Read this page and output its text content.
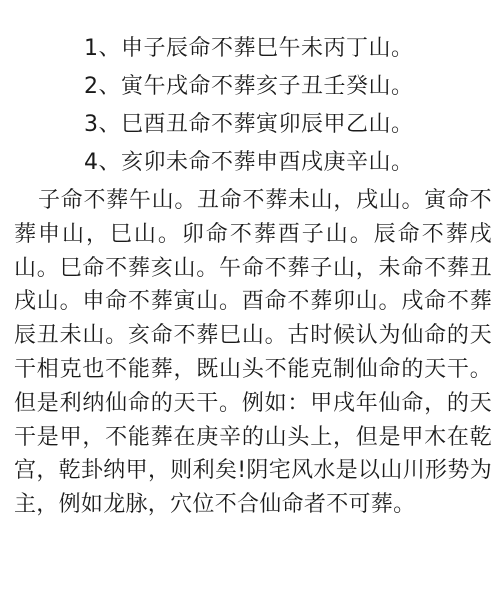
1、申子辰命不葬巳午未丙丁山。
2、寅午戌命不葬亥子丑壬癸山。
3、巳酉丑命不葬寅卯辰甲乙山。
4、亥卯未命不葬申酉戌庚辛山。

子命不葬午山。丑命不葬未山，戌山。寅命不葬申山，巳山。卯命不葬酉子山。辰命不葬戌山。巳命不葬亥山。午命不葬子山，未命不葬丑戌山。申命不葬寅山。酉命不葬卯山。戌命不葬辰丑未山。亥命不葬巳山。古时候认为仙命的天干相克也不能葬，既山头不能克制仙命的天干。但是利纳仙命的天干。例如：甲戌年仙命，的天干是甲，不能葬在庚辛的山头上，但是甲木在乾宫，乾卦纳甲，则利矣!阴宅风水是以山川形势为主，例如龙脉，穴位不合仙命者不可葬。
